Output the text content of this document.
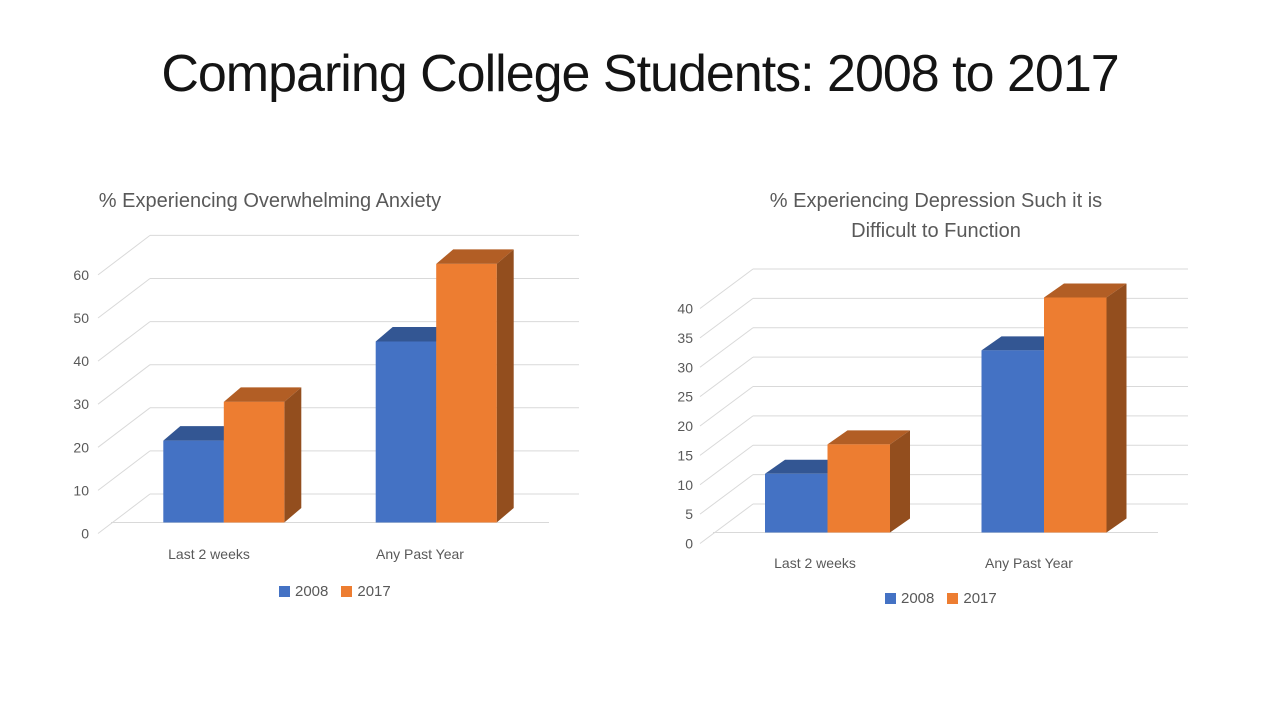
Comparing College Students: 2008 to 2017
% Experiencing Overwhelming Anxiety	% Experiencing Depression Such it is
Difficult to Function
0
10
20
30
40
50
60
Last 2 weeks	Any Past Year
0
5
10
15
20
25
30
35
40
Last 2 weeks	Any Past Year
2008 2017	2008 2017
